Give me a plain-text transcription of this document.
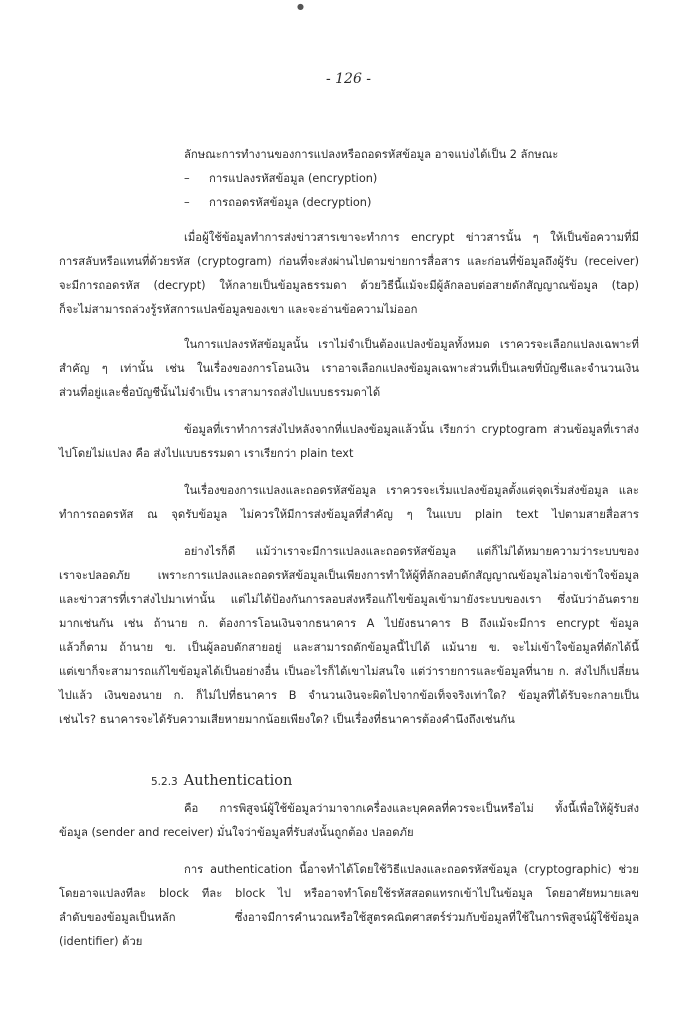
●
- 126 -
ลักษณะการทำงานของการแปลงหรือถอดรหัสข้อมูล อาจแบ่งได้เป็น 2 ลักษณะ
– การแปลงรหัสข้อมูล (encryption)
– การถอดรหัสข้อมูล (decryption)
เมื่อผู้ใช้ข้อมูลทำการส่งข่าวสารเขาจะทำการ encrypt ข่าวสารนั้น ๆ ให้เป็นข้อความที่มี
การสลับหรือแทนที่ด้วยรหัส (cryptogram) ก่อนที่จะส่งผ่านไปตามข่ายการสื่อสาร และก่อนที่ข้อมูลถึงผู้รับ (receiver)
จะมีการถอดรหัส (decrypt) ให้กลายเป็นข้อมูลธรรมดา ด้วยวิธีนี้แม้จะมีผู้ลักลอบต่อสายดักสัญญาณข้อมูล (tap)
ก็จะไม่สามารถล่วงรู้รหัสการแปลข้อมูลของเขา และจะอ่านข้อความไม่ออก
ในการแปลงรหัสข้อมูลนั้น เราไม่จำเป็นต้องแปลงข้อมูลทั้งหมด เราควรจะเลือกแปลงเฉพาะที่
สำคัญ ๆ เท่านั้น เช่น ในเรื่องของการโอนเงิน เราอาจเลือกแปลงข้อมูลเฉพาะส่วนที่เป็นเลขที่บัญชีและจำนวนเงิน
ส่วนที่อยู่และชื่อบัญชีนั้นไม่จำเป็น เราสามารถส่งไปแบบธรรมดาได้
ข้อมูลที่เราทำการส่งไปหลังจากที่แปลงข้อมูลแล้วนั้น เรียกว่า cryptogram ส่วนข้อมูลที่เราส่ง
ไปโดยไม่แปลง คือ ส่งไปแบบธรรมดา เราเรียกว่า plain text
ในเรื่องของการแปลงและถอดรหัสข้อมูล เราควรจะเริ่มแปลงข้อมูลตั้งแต่จุดเริ่มส่งข้อมูล และ
ทำการถอดรหัส ณ จุดรับข้อมูล ไม่ควรให้มีการส่งข้อมูลที่สำคัญ ๆ ในแบบ plain text ไปตามสายสื่อสาร
อย่างไรก็ดี แม้ว่าเราจะมีการแปลงและถอดรหัสข้อมูล แต่ก็ไม่ได้หมายความว่าระบบของ
เราจะปลอดภัย เพราะการแปลงและถอดรหัสข้อมูลเป็นเพียงการทำให้ผู้ที่ลักลอบดักสัญญาณข้อมูลไม่อาจเข้าใจข้อมูล
และข่าวสารที่เราส่งไปมาเท่านั้น แต่ไม่ได้ป้องกันการลอบส่งหรือแก้ไขข้อมูลเข้ามายังระบบของเรา ซึ่งนับว่าอันตราย
มากเช่นกัน เช่น ถ้านาย ก. ต้องการโอนเงินจากธนาคาร A ไปยังธนาคาร B ถึงแม้จะมีการ encrypt ข้อมูล
แล้วก็ตาม ถ้านาย ข. เป็นผู้ลอบดักสายอยู่ และสามารถดักข้อมูลนี้ไปได้ แม้นาย ข. จะไม่เข้าใจข้อมูลที่ดักได้นี้
แต่เขาก็จะสามารถแก้ไขข้อมูลได้เป็นอย่างอื่น เป็นอะไรก็ได้เขาไม่สนใจ แต่ว่ารายการและข้อมูลที่นาย ก. ส่งไปก็เปลี่ยน
ไปแล้ว เงินของนาย ก. ก็ไม่ไปที่ธนาคาร B จำนวนเงินจะผิดไปจากข้อเท็จจริงเท่าใด? ข้อมูลที่ได้รับจะกลายเป็น
เช่นไร? ธนาคารจะได้รับความเสียหายมากน้อยเพียงใด? เป็นเรื่องที่ธนาคารต้องคำนึงถึงเช่นกัน
5.2.3 Authentication
คือ การพิสูจน์ผู้ใช้ข้อมูลว่ามาจากเครื่องและบุคคลที่ควรจะเป็นหรือไม่ ทั้งนี้เพื่อให้ผู้รับส่ง
ข้อมูล (sender and receiver) มั่นใจว่าข้อมูลที่รับส่งนั้นถูกต้อง ปลอดภัย
การ authentication นี้อาจทำได้โดยใช้วิธีแปลงและถอดรหัสข้อมูล (cryptographic) ช่วย
โดยอาจแปลงทีละ block ทีละ block ไป หรืออาจทำโดยใช้รหัสสอดแทรกเข้าไปในข้อมูล โดยอาศัยหมายเลข
ลำดับของข้อมูลเป็นหลัก	ซึ่งอาจมีการคำนวณหรือใช้สูตรคณิตศาสตร์ร่วมกับข้อมูลที่ใช้ในการพิสูจน์ผู้ใช้ข้อมูล
(identifier) ด้วย
